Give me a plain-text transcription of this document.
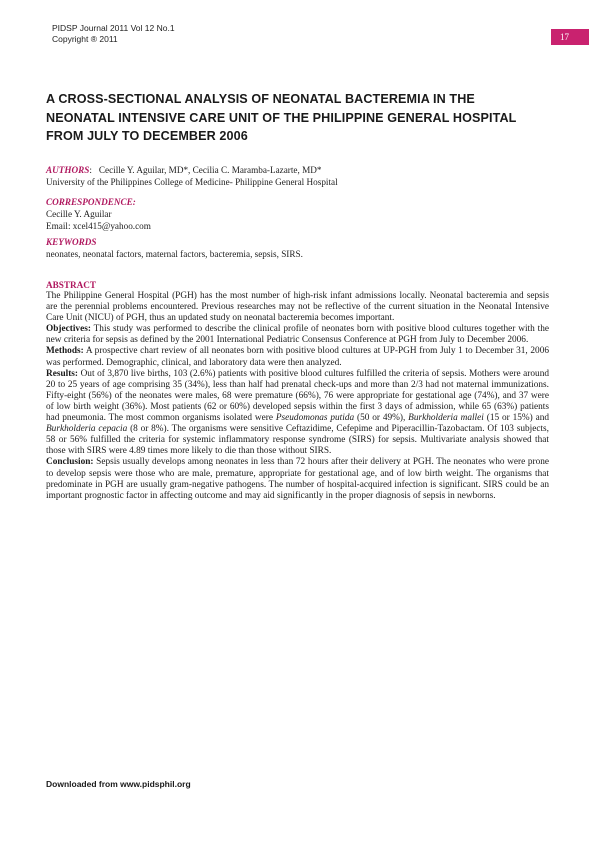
PIDSP Journal 2011 Vol 12 No.1
Copyright ® 2011	17
A CROSS-SECTIONAL ANALYSIS OF NEONATAL BACTEREMIA IN THE
NEONATAL INTENSIVE CARE UNIT OF THE PHILIPPINE GENERAL HOSPITAL
FROM JULY TO DECEMBER 2006
AUTHORS:   Cecille Y. Aguilar, MD*, Cecilia C. Maramba-Lazarte, MD*
University of the Philippines College of Medicine- Philippine General Hospital
CORRESPONDENCE:
Cecille Y. Aguilar
Email: xcel415@yahoo.com
KEYWORDS
neonates, neonatal factors, maternal factors, bacteremia, sepsis, SIRS.
ABSTRACT

The Philippine General Hospital (PGH) has the most number of high-risk infant admissions locally. Neonatal bacteremia and sepsis are the perennial problems encountered. Previous researches may not be reflective of the current situation in the Neonatal Intensive Care Unit (NICU) of PGH, thus an updated study on neonatal bacteremia becomes important.

Objectives: This study was performed to describe the clinical profile of neonates born with positive blood cultures together with the new criteria for sepsis as defined by the 2001 International Pediatric Consensus Conference at PGH from July to December 2006.

Methods: A prospective chart review of all neonates born with positive blood cultures at UP-PGH from July 1 to December 31, 2006 was performed. Demographic, clinical, and laboratory data were then analyzed.

Results: Out of 3,870 live births, 103 (2.6%) patients with positive blood cultures fulfilled the criteria of sepsis. Mothers were around 20 to 25 years of age comprising 35 (34%), less than half had prenatal check-ups and more than 2/3 had not maternal immunizations. Fifty-eight (56%) of the neonates were males, 68 were premature (66%), 76 were appropriate for gestational age (74%), and 37 were of low birth weight (36%). Most patients (62 or 60%) developed sepsis within the first 3 days of admission, while 65 (63%) patients had pneumonia. The most common organisms isolated were Pseudomonas putida (50 or 49%), Burkholderia mallei (15 or 15%) and Burkholderia cepacia (8 or 8%). The organisms were sensitive Ceftazidime, Cefepime and Piperacillin-Tazobactam. Of 103 subjects, 58 or 56% fulfilled the criteria for systemic inflammatory response syndrome (SIRS) for sepsis. Multivariate analysis showed that those with SIRS were 4.89 times more likely to die than those without SIRS.

Conclusion: Sepsis usually develops among neonates in less than 72 hours after their delivery at PGH. The neonates who were prone to develop sepsis were those who are male, premature, appropriate for gestational age, and of low birth weight. The organisms that predominate in PGH are usually gram-negative pathogens. The number of hospital-acquired infection is significant. SIRS could be an important prognostic factor in affecting outcome and may aid significantly in the proper diagnosis of sepsis in newborns.

Downloaded from www.pidsphil.org
